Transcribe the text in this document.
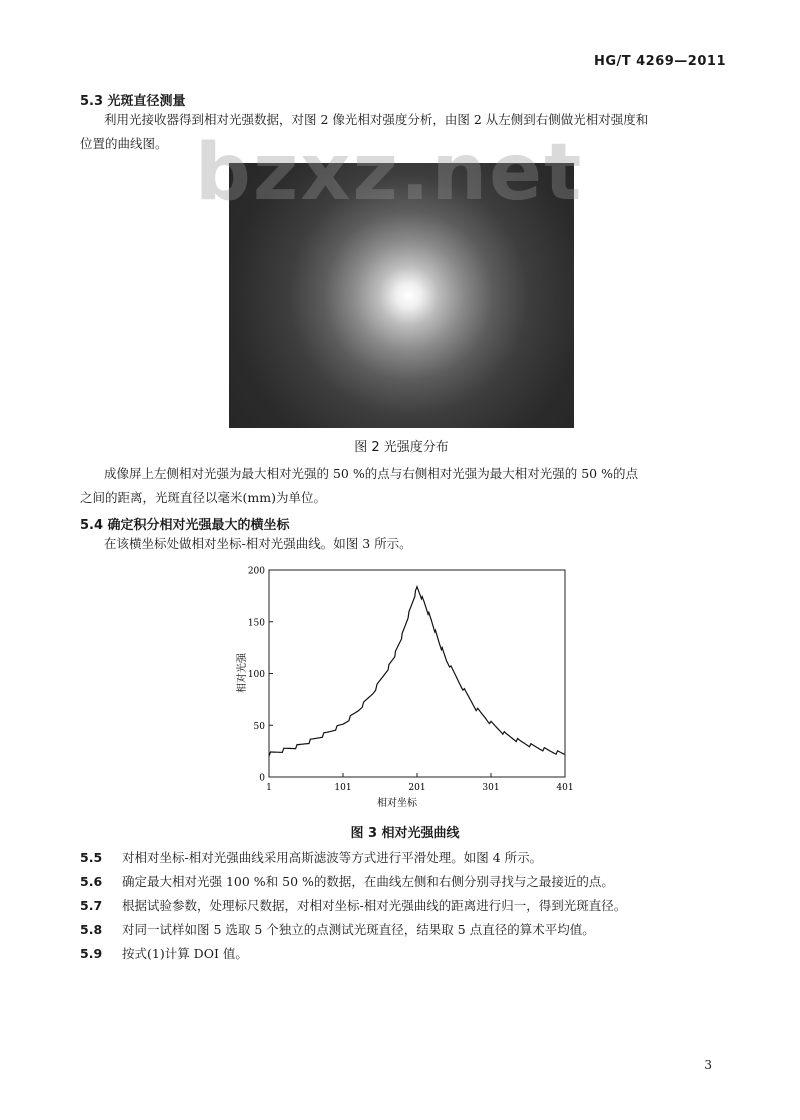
HG/T 4269—2011
5.3 光斑直径测量
利用光接收器得到相对光强数据，对图 2 像光相对强度分析，由图 2 从左侧到右侧做光相对强度和
位置的曲线图。 bzxz.net
图 2 光强度分布
成像屏上左侧相对光强为最大相对光强的 50 %的点与右侧相对光强为最大相对光强的 50 %的点
之间的距离，光斑直径以毫米(mm)为单位。
5.4 确定积分相对光强最大的横坐标
在该横坐标处做相对坐标-相对光强曲线。如图 3 所示。
0
50
100
150
200
1	101	201	301	401
相对坐标
相对光强
图 3 相对光强曲线
5.5 对相对坐标-相对光强曲线采用高斯滤波等方式进行平滑处理。如图 4 所示。
5.6 确定最大相对光强 100 %和 50 %的数据，在曲线左侧和右侧分别寻找与之最接近的点。
5.7 根据试验参数，处理标尺数据，对相对坐标-相对光强曲线的距离进行归一，得到光斑直径。
5.8 对同一试样如图 5 选取 5 个独立的点测试光斑直径，结果取 5 点直径的算术平均值。
5.9 按式(1)计算 DOI 值。
3
